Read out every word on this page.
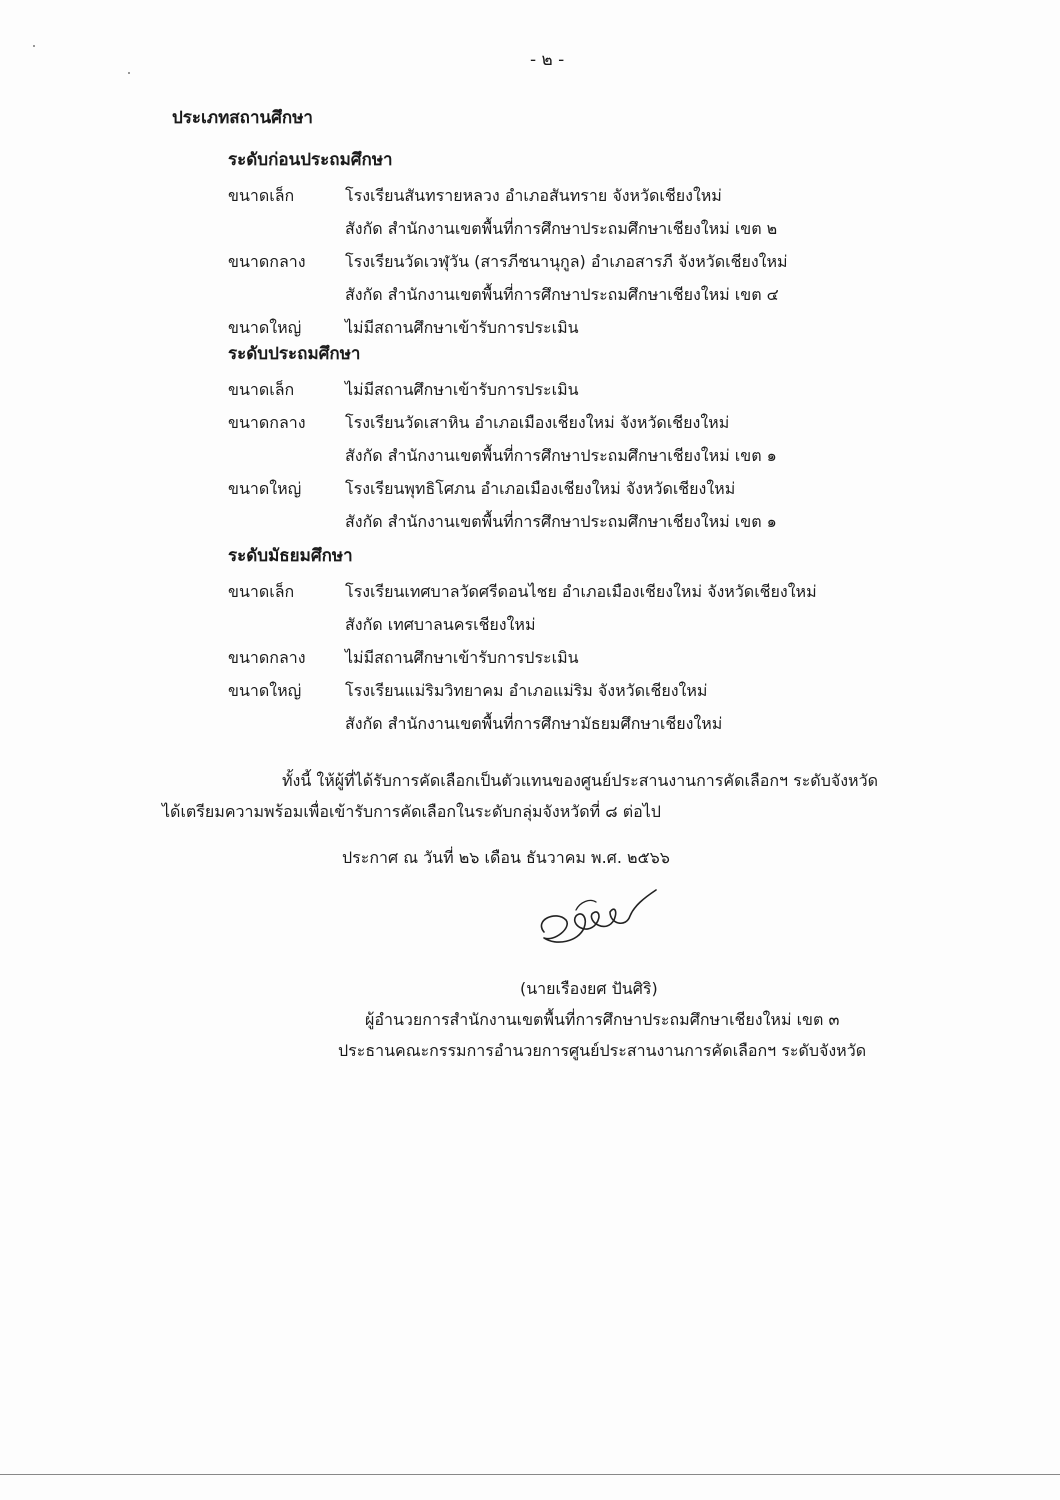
- ๒ -
ประเภทสถานศึกษา
ระดับก่อนประถมศึกษา
ขนาดเล็ก	โรงเรียนสันทรายหลวง อำเภอสันทราย จังหวัดเชียงใหม่
สังกัด สำนักงานเขตพื้นที่การศึกษาประถมศึกษาเชียงใหม่ เขต ๒
ขนาดกลาง	โรงเรียนวัดเวฬุวัน (สารภีชนานุกูล) อำเภอสารภี จังหวัดเชียงใหม่
สังกัด สำนักงานเขตพื้นที่การศึกษาประถมศึกษาเชียงใหม่ เขต ๔
ขนาดใหญ่	ไม่มีสถานศึกษาเข้ารับการประเมิน
ระดับประถมศึกษา
ขนาดเล็ก	ไม่มีสถานศึกษาเข้ารับการประเมิน
ขนาดกลาง	โรงเรียนวัดเสาหิน อำเภอเมืองเชียงใหม่ จังหวัดเชียงใหม่
สังกัด สำนักงานเขตพื้นที่การศึกษาประถมศึกษาเชียงใหม่ เขต ๑
ขนาดใหญ่	โรงเรียนพุทธิโศภน อำเภอเมืองเชียงใหม่ จังหวัดเชียงใหม่
สังกัด สำนักงานเขตพื้นที่การศึกษาประถมศึกษาเชียงใหม่ เขต ๑
ระดับมัธยมศึกษา
ขนาดเล็ก	โรงเรียนเทศบาลวัดศรีดอนไชย อำเภอเมืองเชียงใหม่ จังหวัดเชียงใหม่
สังกัด เทศบาลนครเชียงใหม่
ขนาดกลาง	ไม่มีสถานศึกษาเข้ารับการประเมิน
ขนาดใหญ่	โรงเรียนแม่ริมวิทยาคม อำเภอแม่ริม จังหวัดเชียงใหม่
สังกัด สำนักงานเขตพื้นที่การศึกษามัธยมศึกษาเชียงใหม่
ทั้งนี้ ให้ผู้ที่ได้รับการคัดเลือกเป็นตัวแทนของศูนย์ประสานงานการคัดเลือกฯ ระดับจังหวัด
ได้เตรียมความพร้อมเพื่อเข้ารับการคัดเลือกในระดับกลุ่มจังหวัดที่ ๘ ต่อไป
ประกาศ ณ วันที่ ๒๖ เดือน ธันวาคม พ.ศ. ๒๕๖๖
(นายเรืองยศ ปันศิริ)
ผู้อำนวยการสำนักงานเขตพื้นที่การศึกษาประถมศึกษาเชียงใหม่ เขต ๓
ประธานคณะกรรมการอำนวยการศูนย์ประสานงานการคัดเลือกฯ ระดับจังหวัด
